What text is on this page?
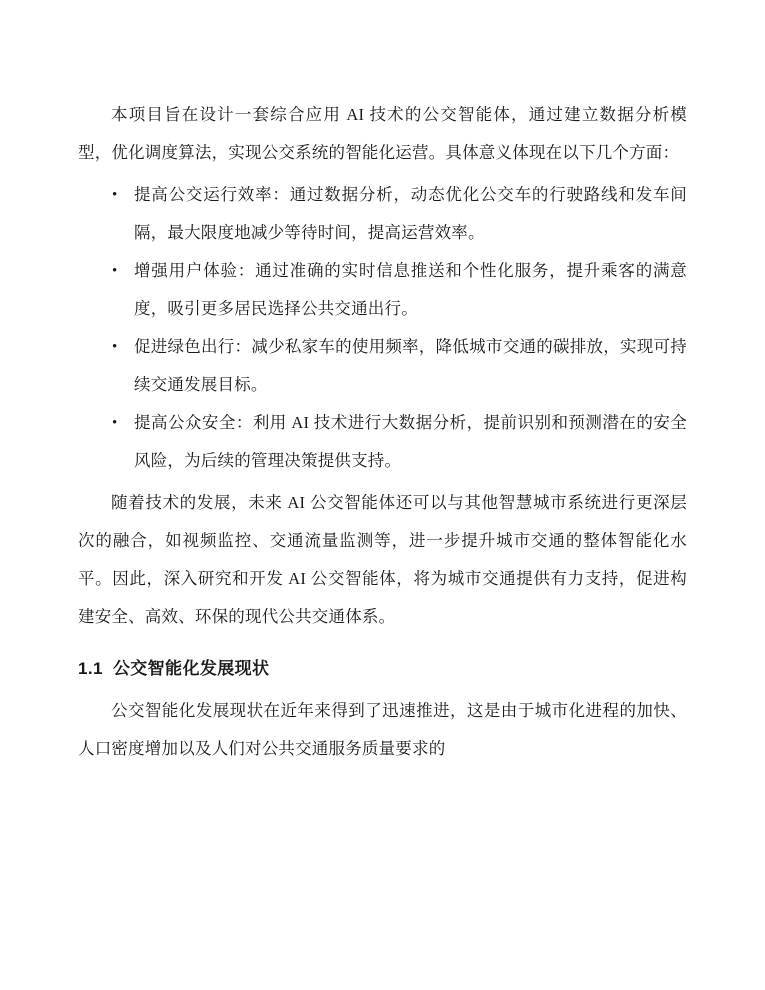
本项目旨在设计一套综合应用 AI 技术的公交智能体，通过建立数据分析模型，优化调度算法，实现公交系统的智能化运营。具体意义体现在以下几个方面：

• 提高公交运行效率：通过数据分析，动态优化公交车的行驶路线和发车间隔，最大限度地减少等待时间，提高运营效率。
• 增强用户体验：通过准确的实时信息推送和个性化服务，提升乘客的满意度，吸引更多居民选择公共交通出行。
• 促进绿色出行：减少私家车的使用频率，降低城市交通的碳排放，实现可持续交通发展目标。
• 提高公众安全：利用 AI 技术进行大数据分析，提前识别和预测潜在的安全风险，为后续的管理决策提供支持。

随着技术的发展，未来 AI 公交智能体还可以与其他智慧城市系统进行更深层次的融合，如视频监控、交通流量监测等，进一步提升城市交通的整体智能化水平。因此，深入研究和开发 AI 公交智能体，将为城市交通提供有力支持，促进构建安全、高效、环保的现代公共交通体系。

1.1 公交智能化发展现状

公交智能化发展现状在近年来得到了迅速推进，这是由于城市化进程的加快、人口密度增加以及人们对公共交通服务质量要求的
